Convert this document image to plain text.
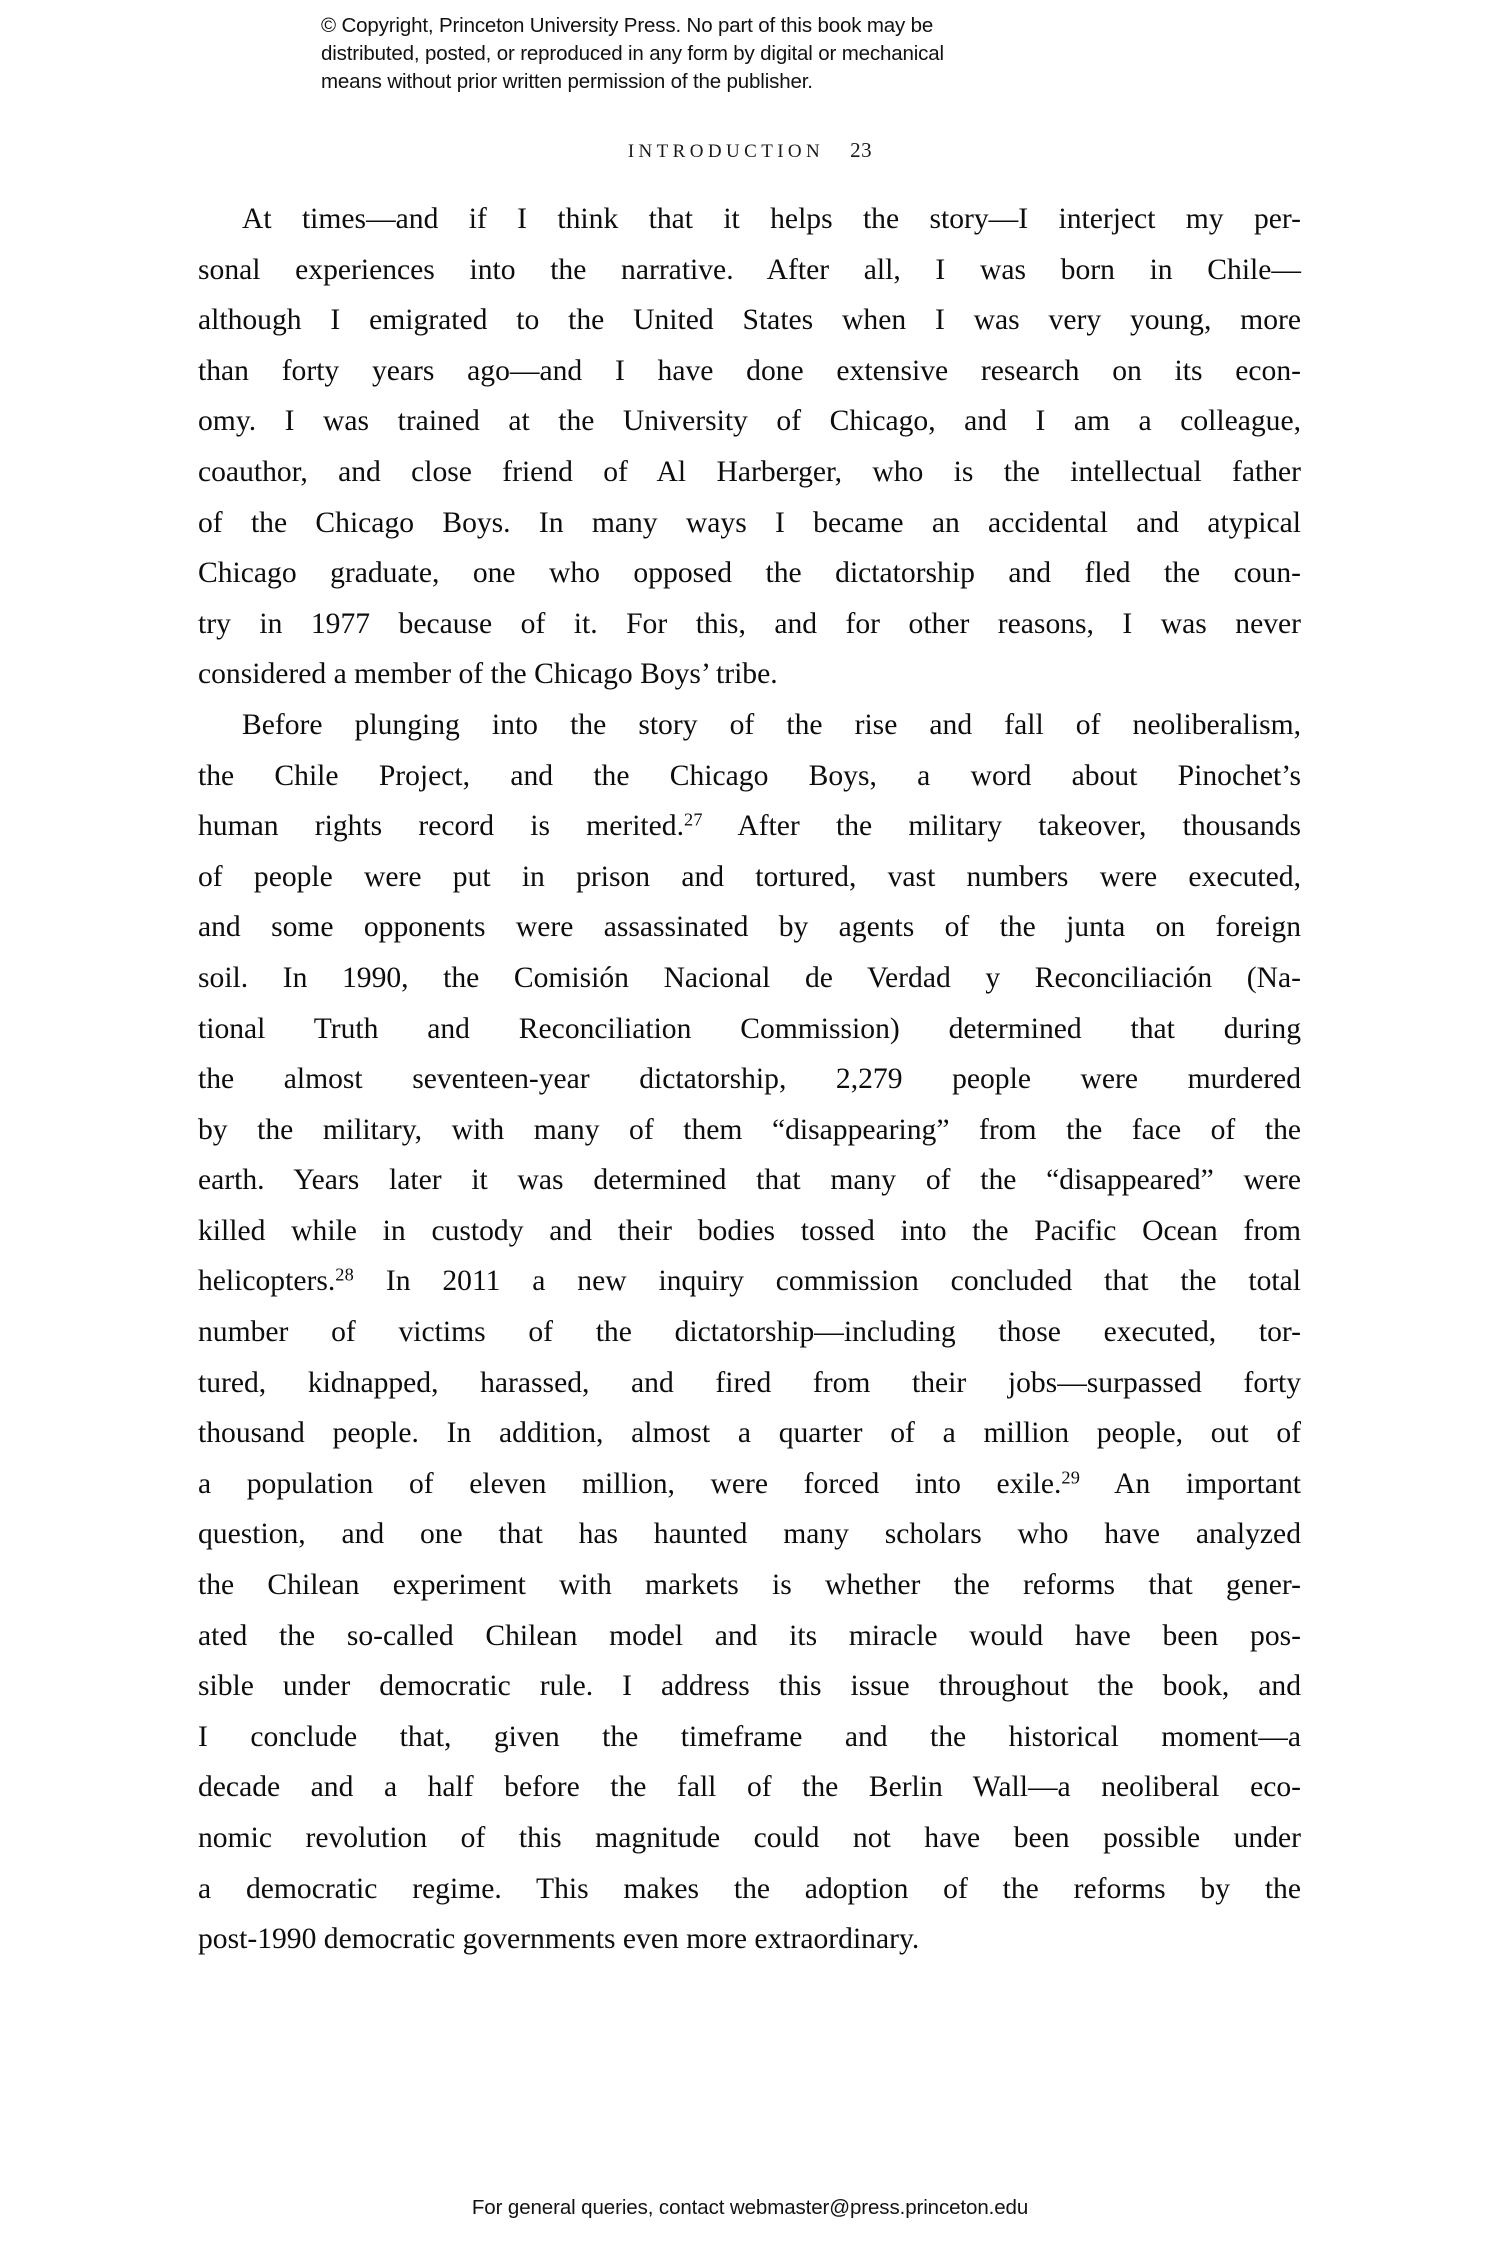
© Copyright, Princeton University Press. No part of this book may be
distributed, posted, or reproduced in any form by digital or mechanical
means without prior written permission of the publisher.
INTRODUCTION 23

At times—and if I think that it helps the story—I interject my per-
sonal experiences into the narrative. After all, I was born in Chile—
although I emigrated to the United States when I was very young, more
than forty years ago—and I have done extensive research on its econ-
omy. I was trained at the University of Chicago, and I am a colleague,
coauthor, and close friend of Al Harberger, who is the intellectual father
of the Chicago Boys. In many ways I became an accidental and atypical
Chicago graduate, one who opposed the dictatorship and fled the coun-
try in 1977 because of it. For this, and for other reasons, I was never
considered a member of the Chicago Boys’ tribe.

Before plunging into the story of the rise and fall of neoliberalism,
the Chile Project, and the Chicago Boys, a word about Pinochet’s
human rights record is merited.$^{27}$ After the military takeover, thousands
of people were put in prison and tortured, vast numbers were executed,
and some opponents were assassinated by agents of the junta on foreign
soil. In 1990, the Comisión Nacional de Verdad y Reconciliación (Na-
tional Truth and Reconciliation Commission) determined that during
the almost seventeen-year dictatorship, 2,279 people were murdered
by the military, with many of them “disappearing” from the face of the
earth. Years later it was determined that many of the “disappeared” were
killed while in custody and their bodies tossed into the Pacific Ocean from
helicopters.$^{28}$ In 2011 a new inquiry commission concluded that the total
number of victims of the dictatorship—including those executed, tor-
tured, kidnapped, harassed, and fired from their jobs—surpassed forty
thousand people. In addition, almost a quarter of a million people, out of
a population of eleven million, were forced into exile.$^{29}$ An important
question, and one that has haunted many scholars who have analyzed
the Chilean experiment with markets is whether the reforms that gener-
ated the so-called Chilean model and its miracle would have been pos-
sible under democratic rule. I address this issue throughout the book, and
I conclude that, given the timeframe and the historical moment—a
decade and a half before the fall of the Berlin Wall—a neoliberal eco-
nomic revolution of this magnitude could not have been possible under
a democratic regime. This makes the adoption of the reforms by the
post-1990 democratic governments even more extraordinary.

For general queries, contact webmaster@press.princeton.edu
